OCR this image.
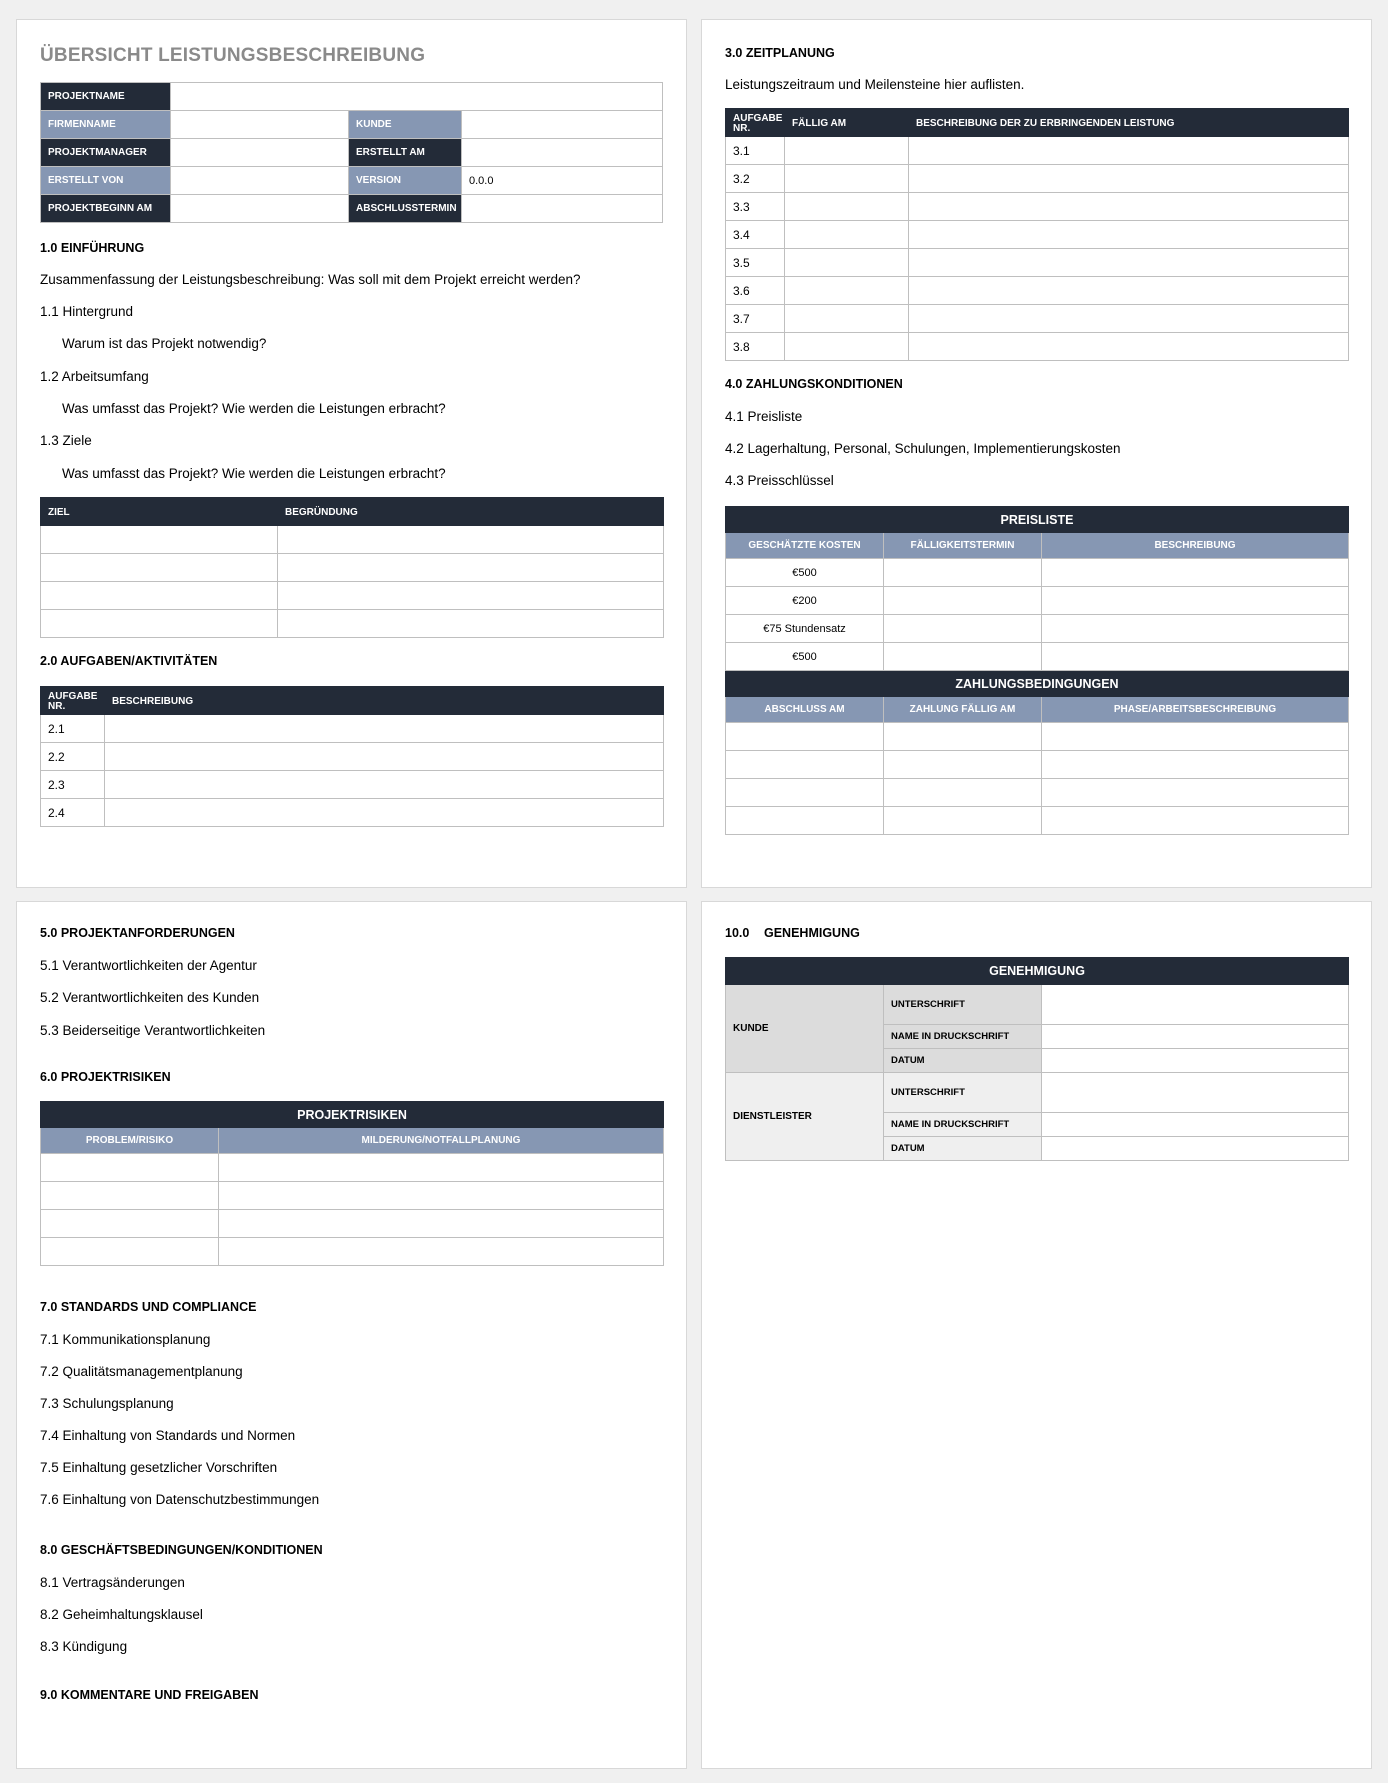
ÜBERSICHT LEISTUNGSBESCHREIBUNG
PROJEKTNAME			
FIRMENNAME		KUNDE	
PROJEKTMANAGER		ERSTELLT AM	
ERSTELLT VON		VERSION	0.0.0
PROJEKTBEGINN AM		ABSCHLUSSTERMIN	
1.0 EINFÜHRUNG
Zusammenfassung der Leistungsbeschreibung: Was soll mit dem Projekt erreicht werden?
1.1 Hintergrund
Warum ist das Projekt notwendig?
1.2 Arbeitsumfang
Was umfasst das Projekt? Wie werden die Leistungen erbracht?
1.3 Ziele
Was umfasst das Projekt? Wie werden die Leistungen erbracht?
ZIEL	BEGRÜNDUNG

2.0 AUFGABEN/AKTIVITÄTEN
AUFGABE NR.	BESCHREIBUNG
2.1	
2.2	
2.3	
2.4	
3.0 ZEITPLANUNG
Leistungszeitraum und Meilensteine hier auflisten.
AUFGABE NR.	FÄLLIG AM	BESCHREIBUNG DER ZU ERBRINGENDEN LEISTUNG
3.1		
3.2		
3.3		
3.4		
3.5		
3.6		
3.7		
3.8		
4.0 ZAHLUNGSKONDITIONEN
4.1 Preisliste
4.2 Lagerhaltung, Personal, Schulungen, Implementierungskosten
4.3 Preisschlüssel
PREISLISTE		
GESCHÄTZTE KOSTEN	FÄLLIGKEITSTERMIN	BESCHREIBUNG
€500		
€200		
€75 Stundensatz		
€500		
ZAHLUNGSBEDINGUNGEN		
ABSCHLUSS AM	ZAHLUNG FÄLLIG AM	PHASE/ARBEITSBESCHREIBUNG

5.0 PROJEKTANFORDERUNGEN
5.1 Verantwortlichkeiten der Agentur
5.2 Verantwortlichkeiten des Kunden
5.3 Beiderseitige Verantwortlichkeiten
6.0 PROJEKTRISIKEN
PROJEKTRISIKEN	
PROBLEM/RISIKO	MILDERUNG/NOTFALLPLANUNG

7.0 STANDARDS UND COMPLIANCE
7.1 Kommunikationsplanung
7.2 Qualitätsmanagementplanung
7.3 Schulungsplanung
7.4 Einhaltung von Standards und Normen
7.5 Einhaltung gesetzlicher Vorschriften
7.6 Einhaltung von Datenschutzbestimmungen
8.0 GESCHÄFTSBEDINGUNGEN/KONDITIONEN
8.1 Vertragsänderungen
8.2 Geheimhaltungsklausel
8.3 Kündigung
9.0 KOMMENTARE UND FREIGABEN
10.0 GENEHMIGUNG
GENEHMIGUNG		
KUNDE	UNTERSCHRIFT	
	NAME IN DRUCKSCHRIFT	
	DATUM	
DIENSTLEISTER	UNTERSCHRIFT	
	NAME IN DRUCKSCHRIFT	
	DATUM	
